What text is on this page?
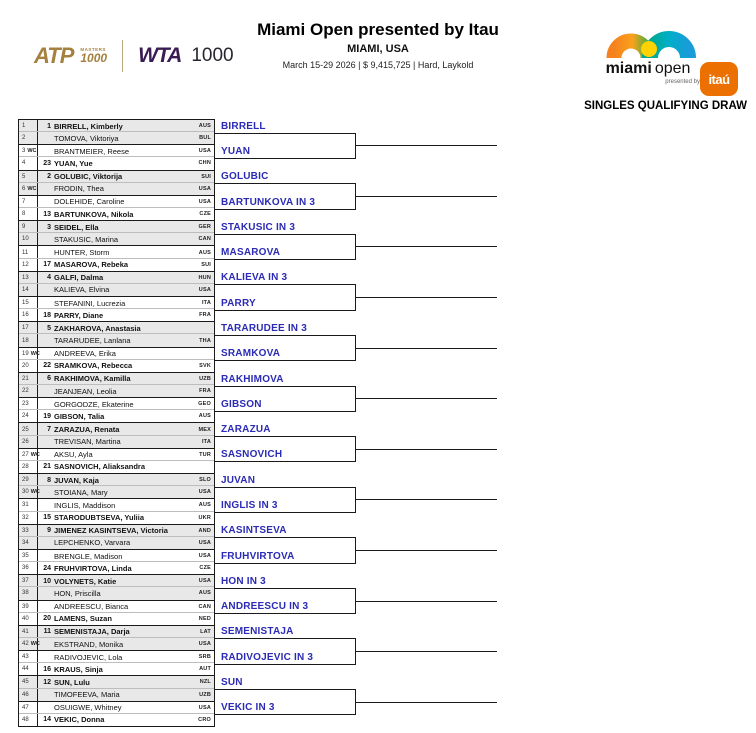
ATP MASTERS
1000 WTA 1000
Miami Open presented by Itau
MIAMI, USA
March 15-29 2026 | $ 9,415,725 | Hard, Laykold	miami open
presented by itaú
SINGLES QUALIFYING DRAW
1	1 BIRRELL, Kimberly	AUS
2	TOMOVA, Viktoriya	BUL
3 WC BRANTMEIER, Reese	USA
4	23 YUAN, Yue	CHN
5	2 GOLUBIC, Viktorija	SUI
6 WC FRODIN, Thea	USA
7	DOLEHIDE, Caroline	USA
8	13 BARTUNKOVA, Nikola	CZE
9	3 SEIDEL, Ella	GER
10	STAKUSIC, Marina	CAN
11	HUNTER, Storm	AUS
12	17 MASAROVA, Rebeka	SUI
13	4 GALFI, Dalma	HUN
14	KALIEVA, Elvina	USA
15	STEFANINI, Lucrezia	ITA
16	18 PARRY, Diane	FRA
17	5 ZAKHAROVA, Anastasia
18	TARARUDEE, Lanlana	THA
19 WC ANDREEVA, Erika
20	22 SRAMKOVA, Rebecca	SVK
21	6 RAKHIMOVA, Kamilla	UZB
22	JEANJEAN, Leolia	FRA
23	GORGODZE, Ekaterine	GEO
24	19 GIBSON, Talia	AUS
25	7 ZARAZUA, Renata	MEX
26	TREVISAN, Martina	ITA
27 WC AKSU, Ayla	TUR
28	21 SASNOVICH, Aliaksandra
29	8 JUVAN, Kaja	SLO
30 WC STOIANA, Mary	USA
31	INGLIS, Maddison	AUS
32	15 STARODUBTSEVA, Yuliia	UKR
33	9 JIMENEZ KASINTSEVA, Victoria	AND
34	LEPCHENKO, Varvara	USA
35	BRENGLE, Madison	USA
36	24 FRUHVIRTOVA, Linda	CZE
37	10 VOLYNETS, Katie	USA
38	HON, Priscilla	AUS
39	ANDREESCU, Bianca	CAN
40	20 LAMENS, Suzan	NED
41	11 SEMENISTAJA, Darja	LAT
42 WC EKSTRAND, Monika	USA
43	RADIVOJEVIC, Lola	SRB
44	16 KRAUS, Sinja	AUT
45	12 SUN, Lulu	NZL
46	TIMOFEEVA, Maria	UZB
47	OSUIGWE, Whitney	USA
48	14 VEKIC, Donna	CRO
BIRRELL
YUAN
GOLUBIC
BARTUNKOVA IN 3
STAKUSIC IN 3
MASAROVA
KALIEVA IN 3
PARRY
TARARUDEE IN 3
SRAMKOVA
RAKHIMOVA
GIBSON
ZARAZUA
SASNOVICH
JUVAN
INGLIS IN 3
KASINTSEVA
FRUHVIRTOVA
HON IN 3
ANDREESCU IN 3
SEMENISTAJA
RADIVOJEVIC IN 3
SUN
VEKIC IN 3
